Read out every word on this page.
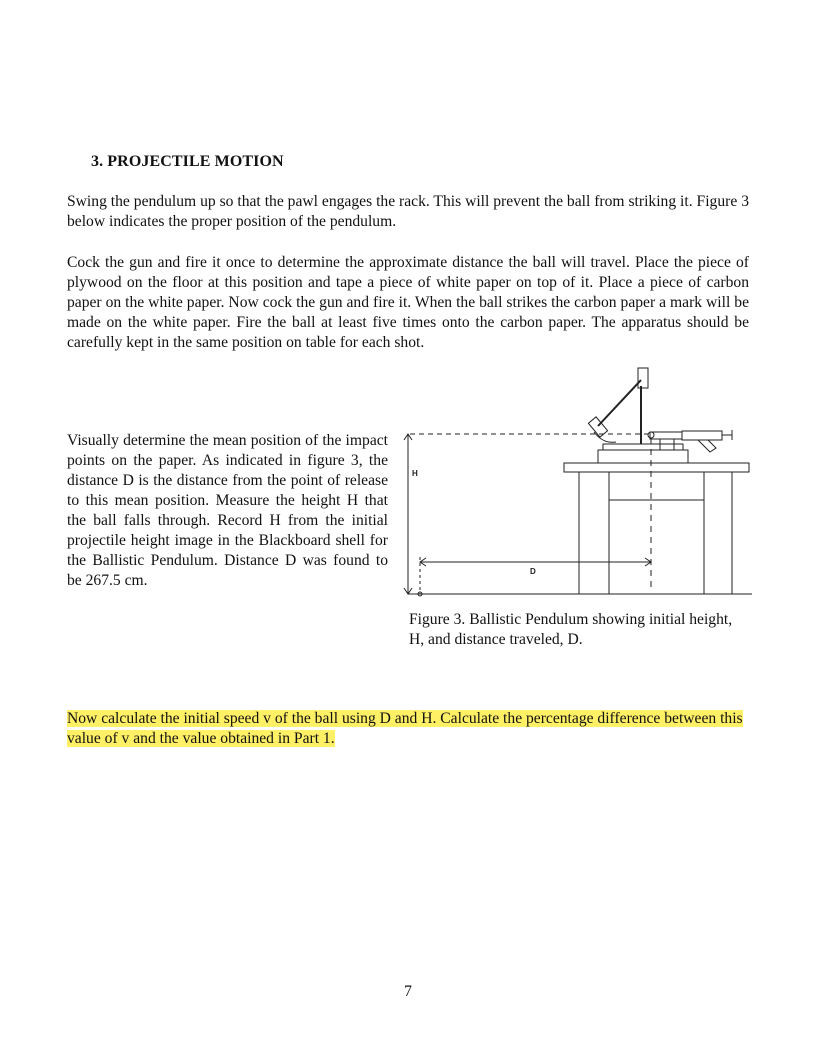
3. PROJECTILE MOTION
Swing the pendulum up so that the pawl engages the rack. This will prevent the ball from striking it. Figure 3 below indicates the proper position of the pendulum.
Cock the gun and fire it once to determine the approximate distance the ball will travel. Place the piece of plywood on the floor at this position and tape a piece of white paper on top of it. Place a piece of carbon paper on the white paper. Now cock the gun and fire it. When the ball strikes the carbon paper a mark will be made on the white paper. Fire the ball at least five times onto the carbon paper. The apparatus should be carefully kept in the same position on table for each shot.
Visually determine the mean position of the impact points on the paper. As indicated in figure 3, the distance D is the distance from the point of release to this mean position. Measure the height H that the ball falls through. Record H from the initial projectile height image in the Blackboard shell for the Ballistic Pendulum. Distance D was found to be 267.5 cm.
H
D
Figure 3. Ballistic Pendulum showing initial height, H, and distance traveled, D.
Now calculate the initial speed v of the ball using D and H. Calculate the percentage difference between this value of v and the value obtained in Part 1.
7
